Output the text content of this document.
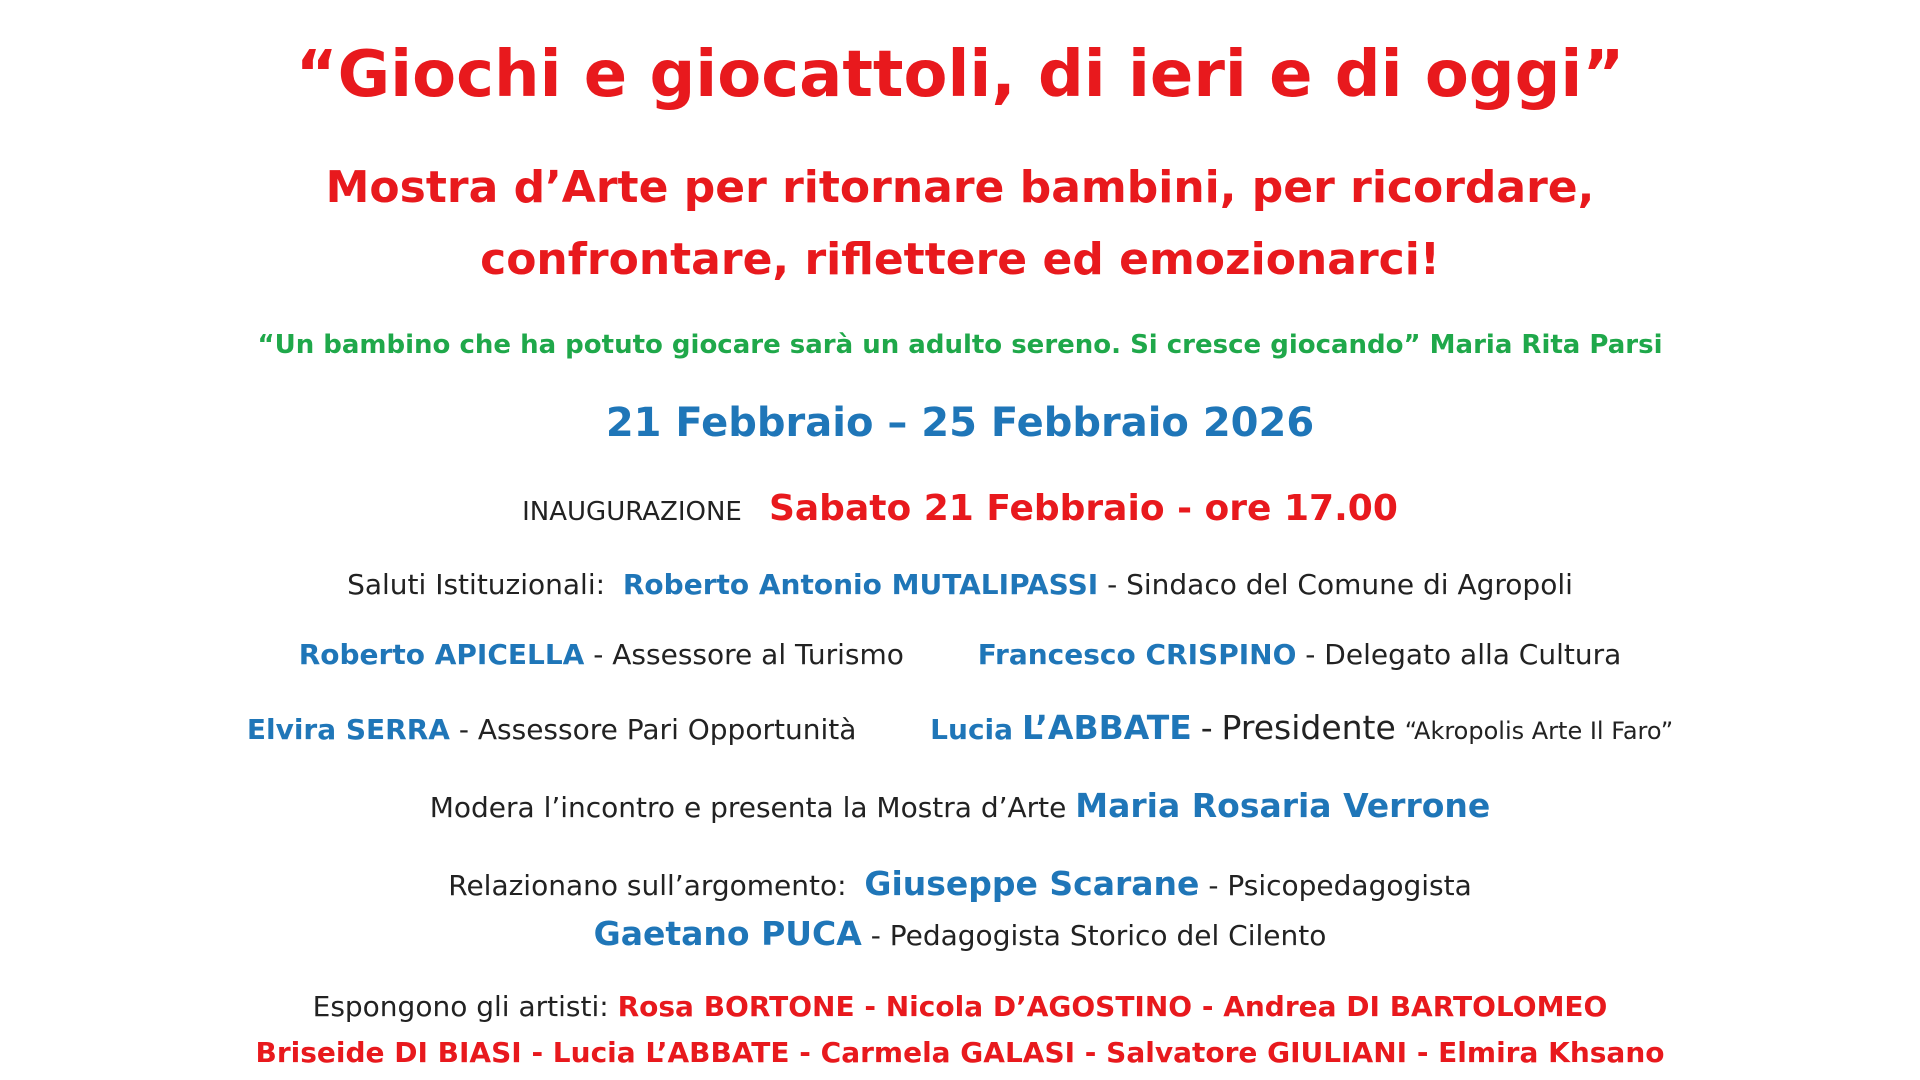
“Giochi e giocattoli, di ieri e di oggi”
Mostra d’Arte per ritornare bambini, per ricordare,
confrontare, riflettere ed emozionarci!
“Un bambino che ha potuto giocare sarà un adulto sereno. Si cresce giocando” Maria Rita Parsi
21 Febbraio – 25 Febbraio 2026
INAUGURAZIONE Sabato 21 Febbraio - ore 17.00
Saluti Istituzionali: Roberto Antonio MUTALIPASSI - Sindaco del Comune di Agropoli
Roberto APICELLA - Assessore al Turismo	Francesco CRISPINO - Delegato alla Cultura
Elvira SERRA - Assessore Pari Opportunità	Lucia L’ABBATE - Presidente “Akropolis Arte Il Faro”
Modera l’incontro e presenta la Mostra d’Arte Maria Rosaria Verrone
Relazionano sull’argomento: Giuseppe Scarane - Psicopedagogista
Gaetano PUCA - Pedagogista Storico del Cilento
Espongono gli artisti: Rosa BORTONE - Nicola D’AGOSTINO - Andrea DI BARTOLOMEO
Briseide DI BIASI - Lucia L’ABBATE - Carmela GALASI - Salvatore GIULIANI - Elmira Khsano
